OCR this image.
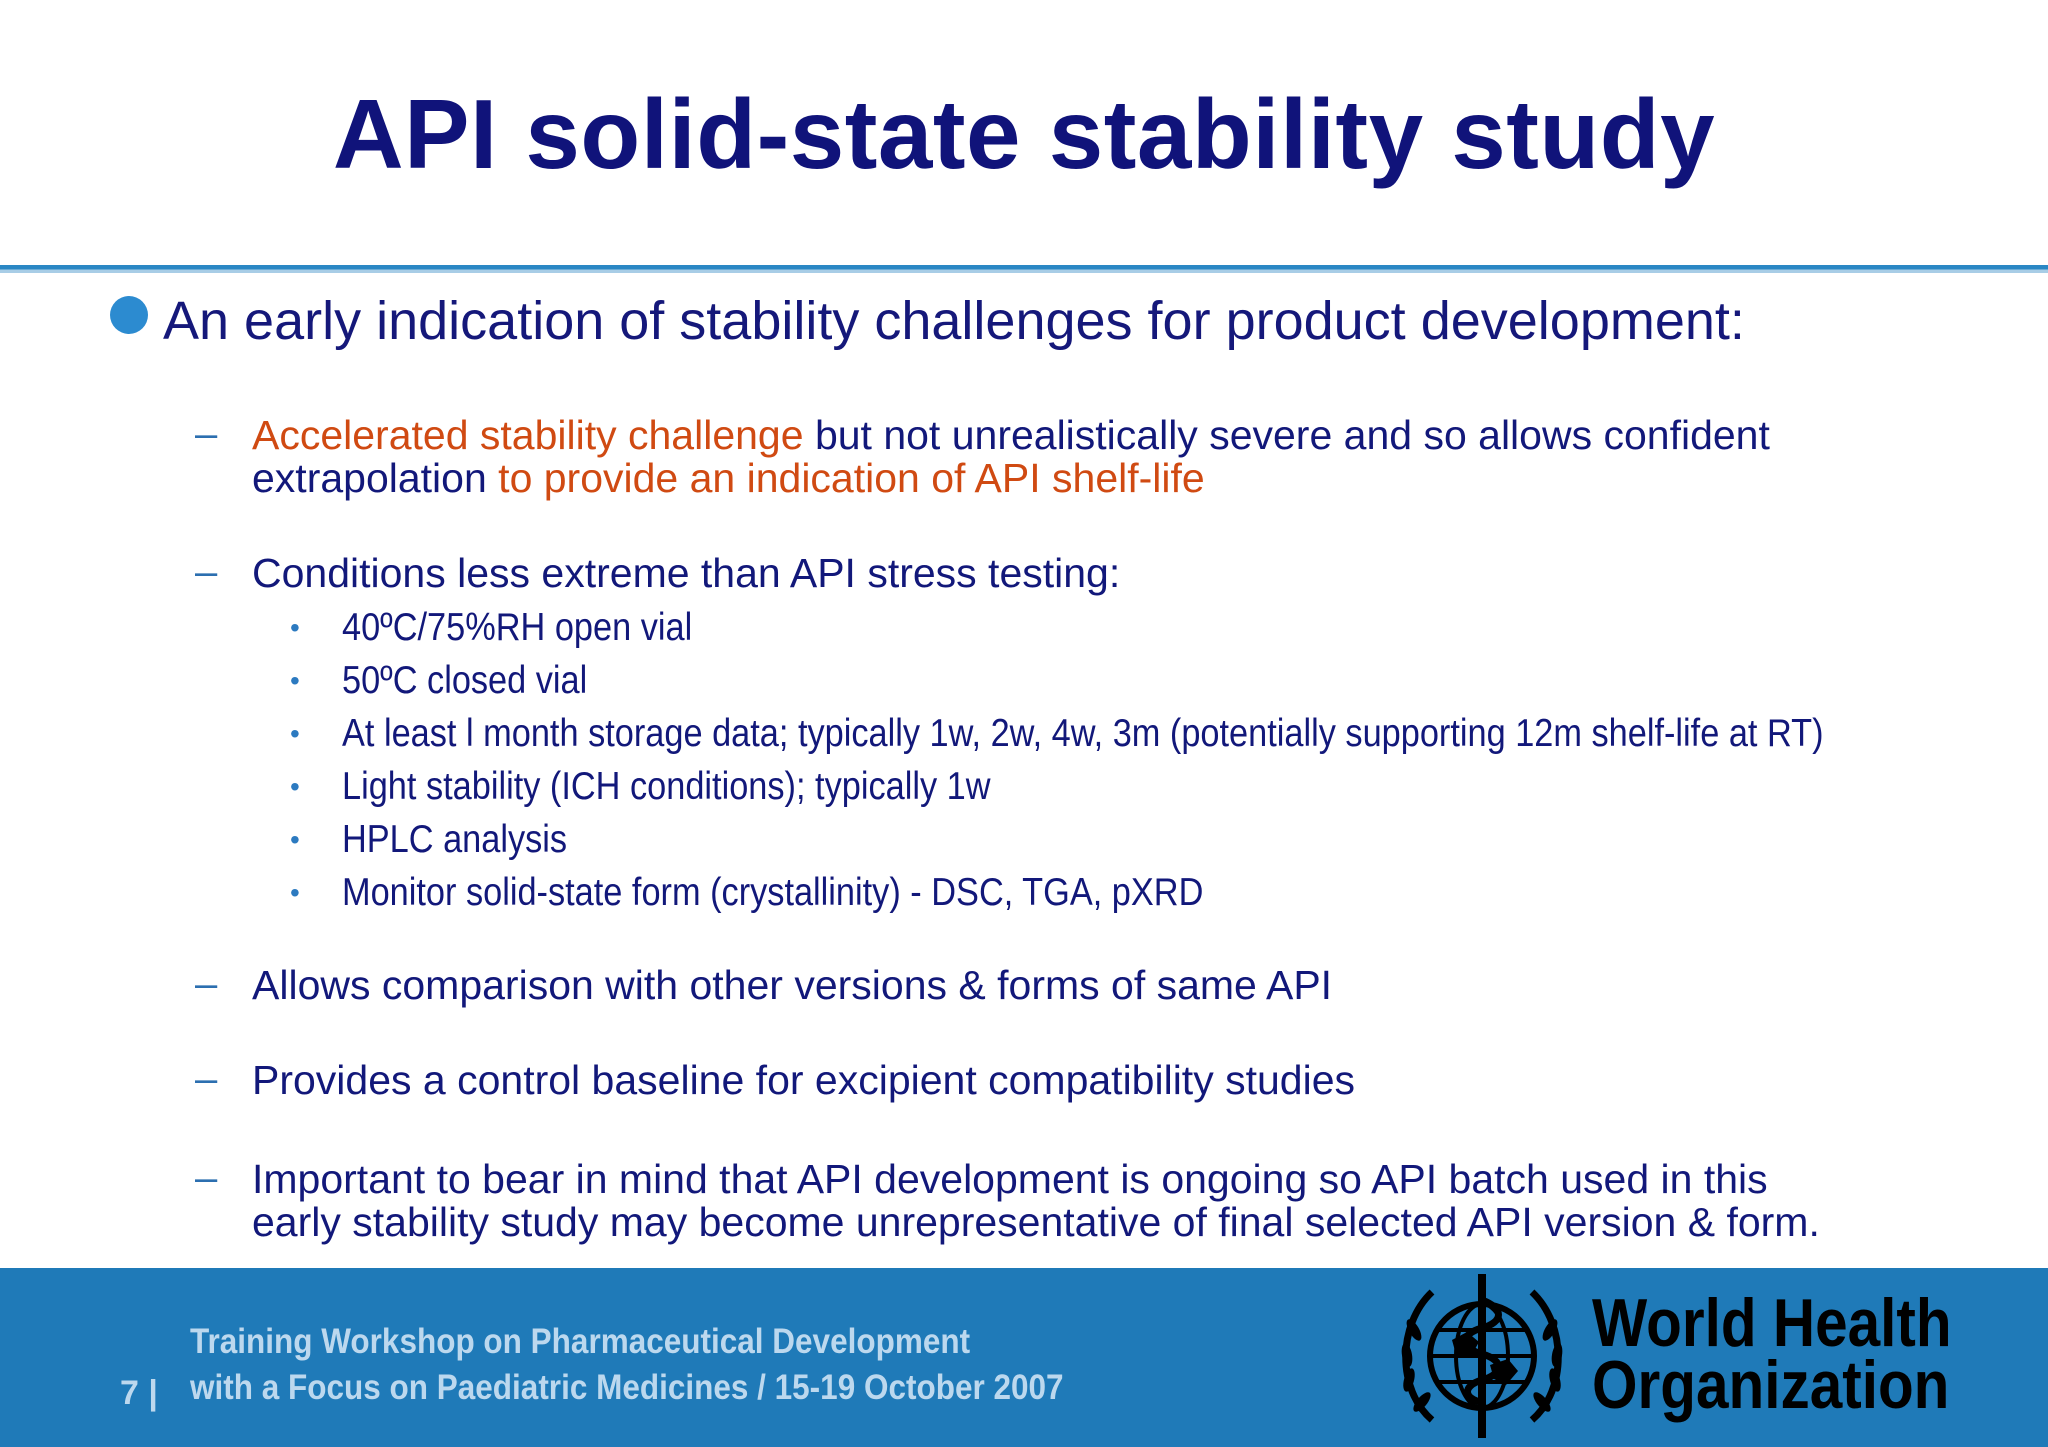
API solid-state stability study
An early indication of stability challenges for product development:
– Accelerated stability challenge but not unrealistically severe and so allows confident
extrapolation to provide an indication of API shelf-life
– Conditions less extreme than API stress testing:
• 40ºC/75%RH open vial
• 50ºC closed vial
• At least l month storage data; typically 1w, 2w, 4w, 3m (potentially supporting 12m shelf-life at RT)
• Light stability (ICH conditions); typically 1w
• HPLC analysis
• Monitor solid-state form (crystallinity) - DSC, TGA, pXRD
– Allows comparison with other versions & forms of same API
– Provides a control baseline for excipient compatibility studies
– Important to bear in mind that API development is ongoing so API batch used in this
early stability study may become unrepresentative of final selected API version & form.
Training Workshop on Pharmaceutical Development
with a Focus on Paediatric Medicines / 15-19 October 2007
7 |
World Health
Organization
